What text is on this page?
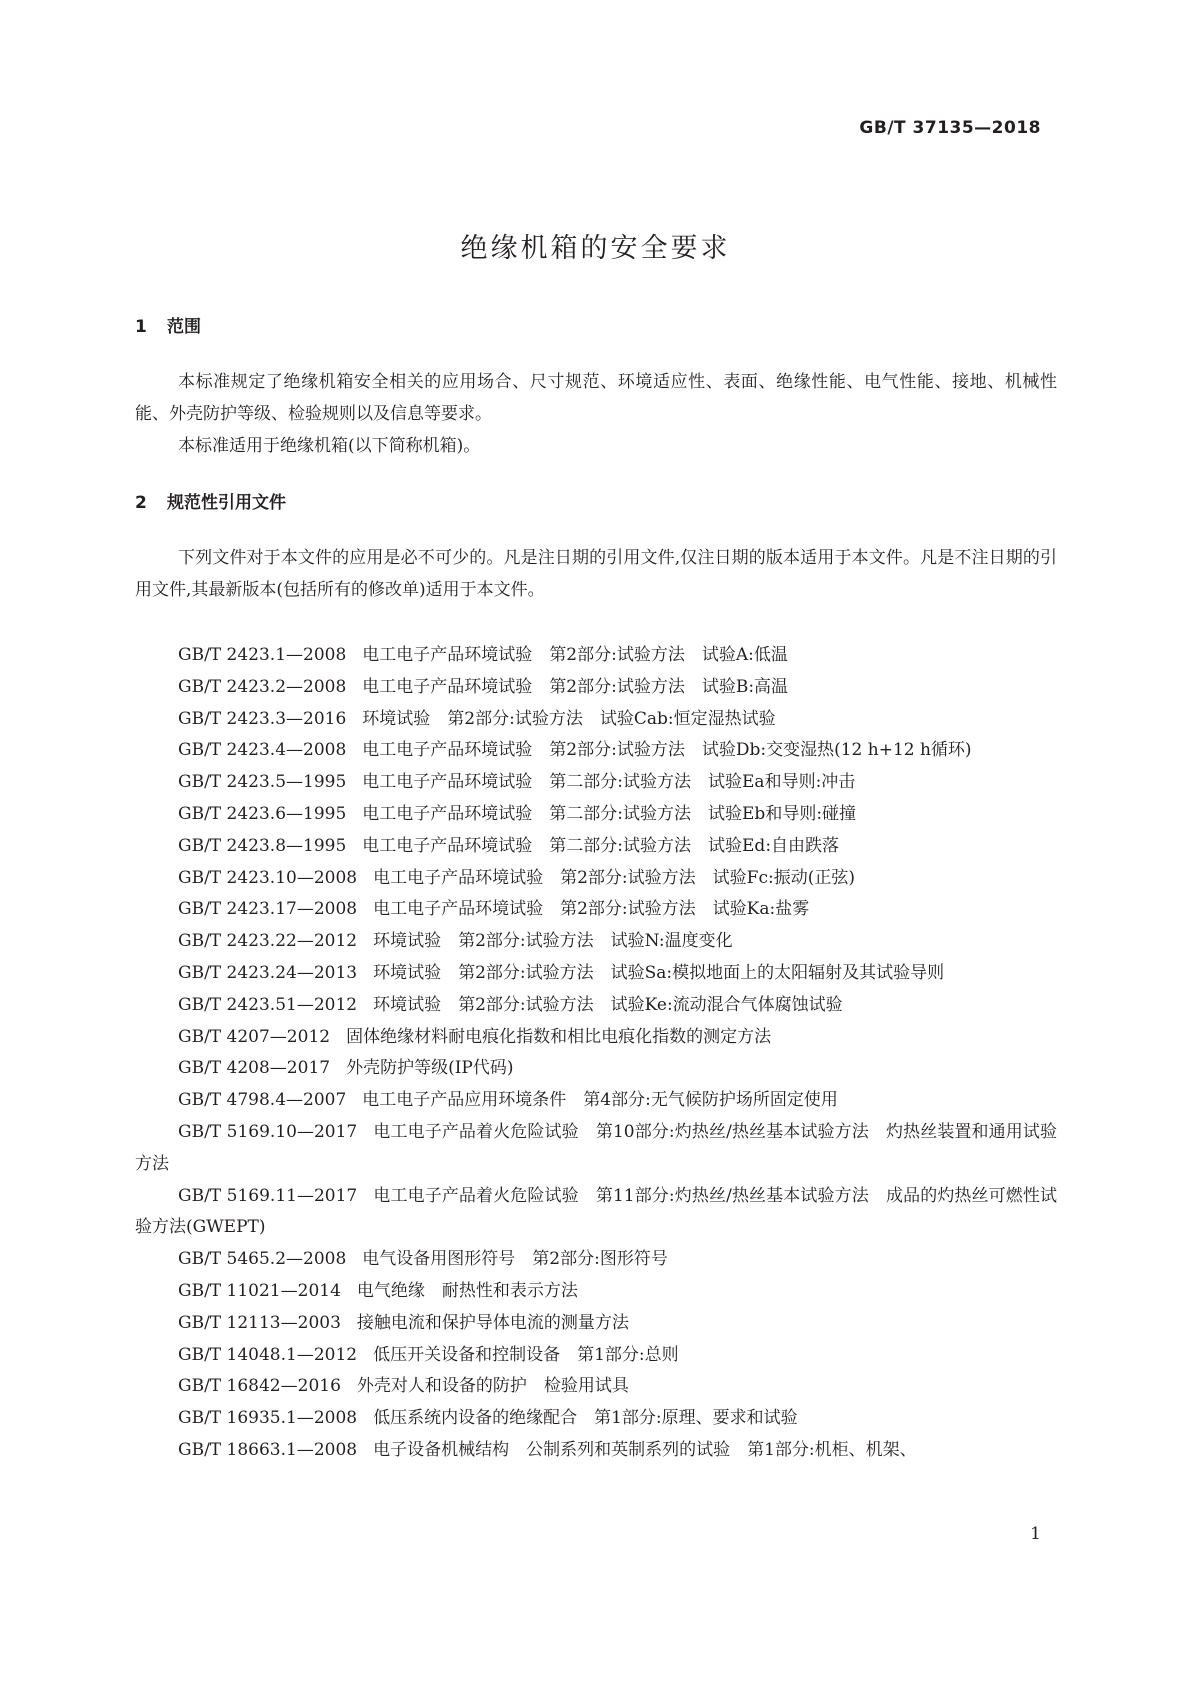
GB/T 37135—2018
绝缘机箱的安全要求
1 范围
本标准规定了绝缘机箱安全相关的应用场合、尺寸规范、环境适应性、表面、绝缘性能、电气性能、接地、机械性能、外壳防护等级、检验规则以及信息等要求。
本标准适用于绝缘机箱(以下简称机箱)。
2 规范性引用文件
下列文件对于本文件的应用是必不可少的。凡是注日期的引用文件,仅注日期的版本适用于本文件。凡是不注日期的引用文件,其最新版本(包括所有的修改单)适用于本文件。
GB/T 2423.1—2008 电工电子产品环境试验　第2部分:试验方法　试验A:低温
GB/T 2423.2—2008 电工电子产品环境试验　第2部分:试验方法　试验B:高温
GB/T 2423.3—2016 环境试验　第2部分:试验方法　试验Cab:恒定湿热试验
GB/T 2423.4—2008 电工电子产品环境试验　第2部分:试验方法　试验Db:交变湿热(12 h+12 h循环)
GB/T 2423.5—1995 电工电子产品环境试验　第二部分:试验方法　试验Ea和导则:冲击
GB/T 2423.6—1995 电工电子产品环境试验　第二部分:试验方法　试验Eb和导则:碰撞
GB/T 2423.8—1995 电工电子产品环境试验　第二部分:试验方法　试验Ed:自由跌落
GB/T 2423.10—2008 电工电子产品环境试验　第2部分:试验方法　试验Fc:振动(正弦)
GB/T 2423.17—2008 电工电子产品环境试验　第2部分:试验方法　试验Ka:盐雾
GB/T 2423.22—2012 环境试验　第2部分:试验方法　试验N:温度变化
GB/T 2423.24—2013 环境试验　第2部分:试验方法　试验Sa:模拟地面上的太阳辐射及其试验导则
GB/T 2423.51—2012 环境试验　第2部分:试验方法　试验Ke:流动混合气体腐蚀试验
GB/T 4207—2012 固体绝缘材料耐电痕化指数和相比电痕化指数的测定方法
GB/T 4208—2017 外壳防护等级(IP代码)
GB/T 4798.4—2007 电工电子产品应用环境条件　第4部分:无气候防护场所固定使用
GB/T 5169.10—2017 电工电子产品着火危险试验　第10部分:灼热丝/热丝基本试验方法　灼热丝装置和通用试验方法
GB/T 5169.11—2017 电工电子产品着火危险试验　第11部分:灼热丝/热丝基本试验方法　成品的灼热丝可燃性试验方法(GWEPT)
GB/T 5465.2—2008 电气设备用图形符号　第2部分:图形符号
GB/T 11021—2014 电气绝缘　耐热性和表示方法
GB/T 12113—2003 接触电流和保护导体电流的测量方法
GB/T 14048.1—2012 低压开关设备和控制设备　第1部分:总则
GB/T 16842—2016 外壳对人和设备的防护　检验用试具
GB/T 16935.1—2008 低压系统内设备的绝缘配合　第1部分:原理、要求和试验
GB/T 18663.1—2008 电子设备机械结构　公制系列和英制系列的试验　第1部分:机柜、机架、
1
